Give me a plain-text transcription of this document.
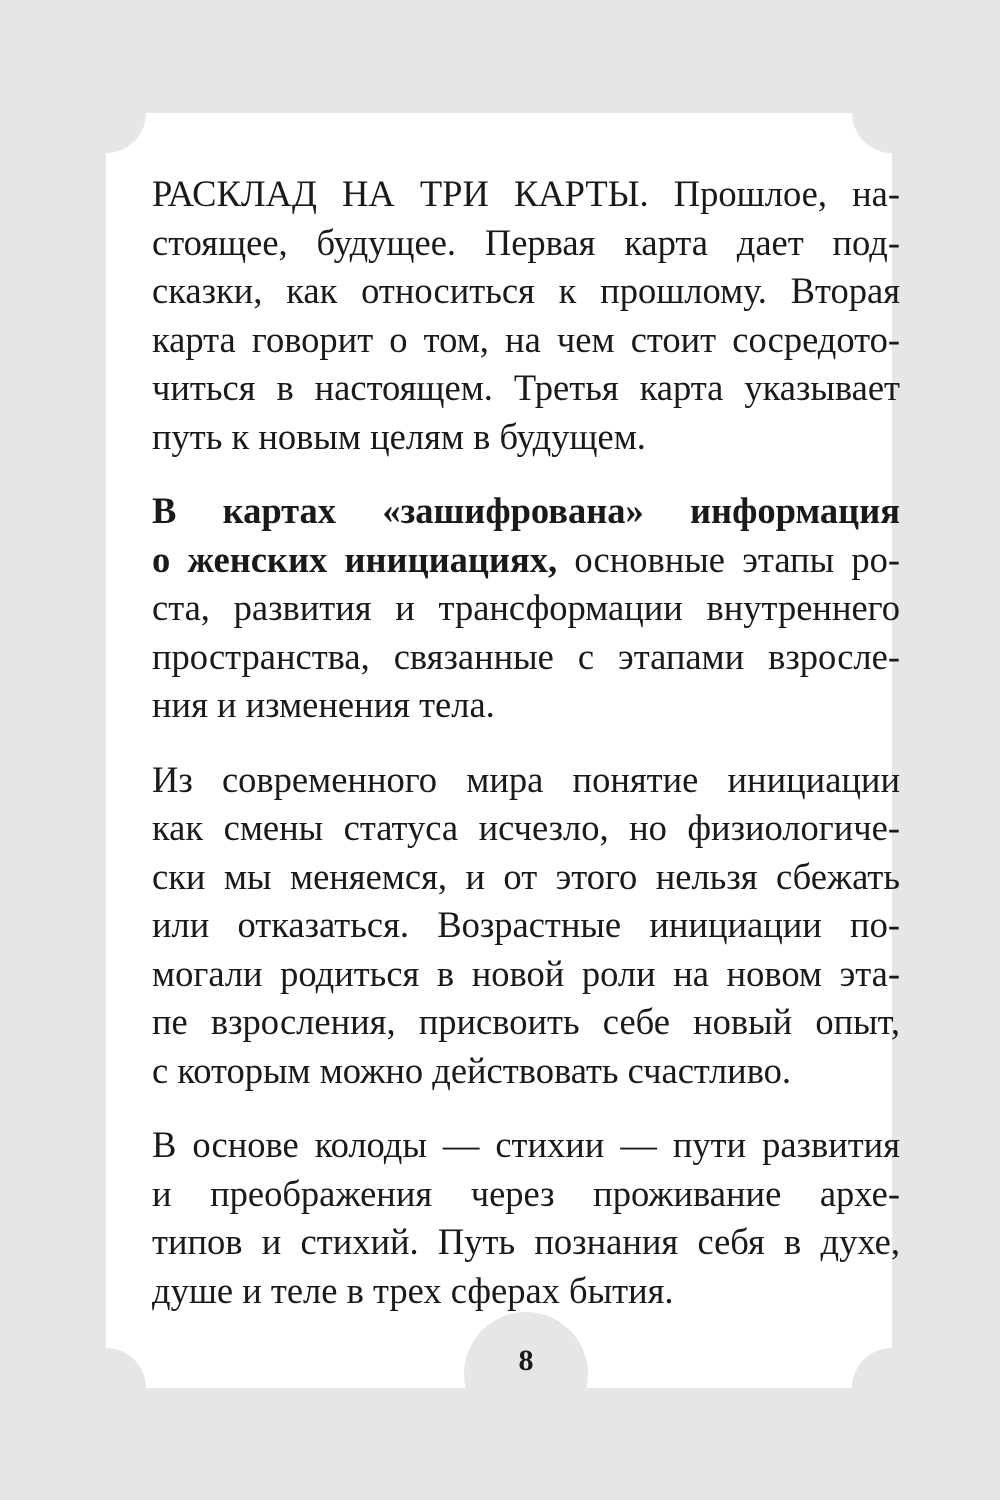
РАСКЛАД НА ТРИ КАРТЫ. Прошлое, на-
стоящее, будущее. Первая карта дает под-
сказки, как относиться к прошлому. Вторая
карта говорит о том, на чем стоит сосредото-
читься в настоящем. Третья карта указывает
путь к новым целям в будущем.

В картах «зашифрована» информация
о женских инициациях, основные этапы ро-
ста, развития и трансформации внутреннего
пространства, связанные с этапами взросле-
ния и изменения тела.

Из современного мира понятие инициации
как смены статуса исчезло, но физиологиче-
ски мы меняемся, и от этого нельзя сбежать
или отказаться. Возрастные инициации по-
могали родиться в новой роли на новом эта-
пе взросления, присвоить себе новый опыт,
с которым можно действовать счастливо.

В основе колоды — стихии — пути развития
и преображения через проживание архе-
типов и стихий. Путь познания себя в духе,
душе и теле в трех сферах бытия.

8
